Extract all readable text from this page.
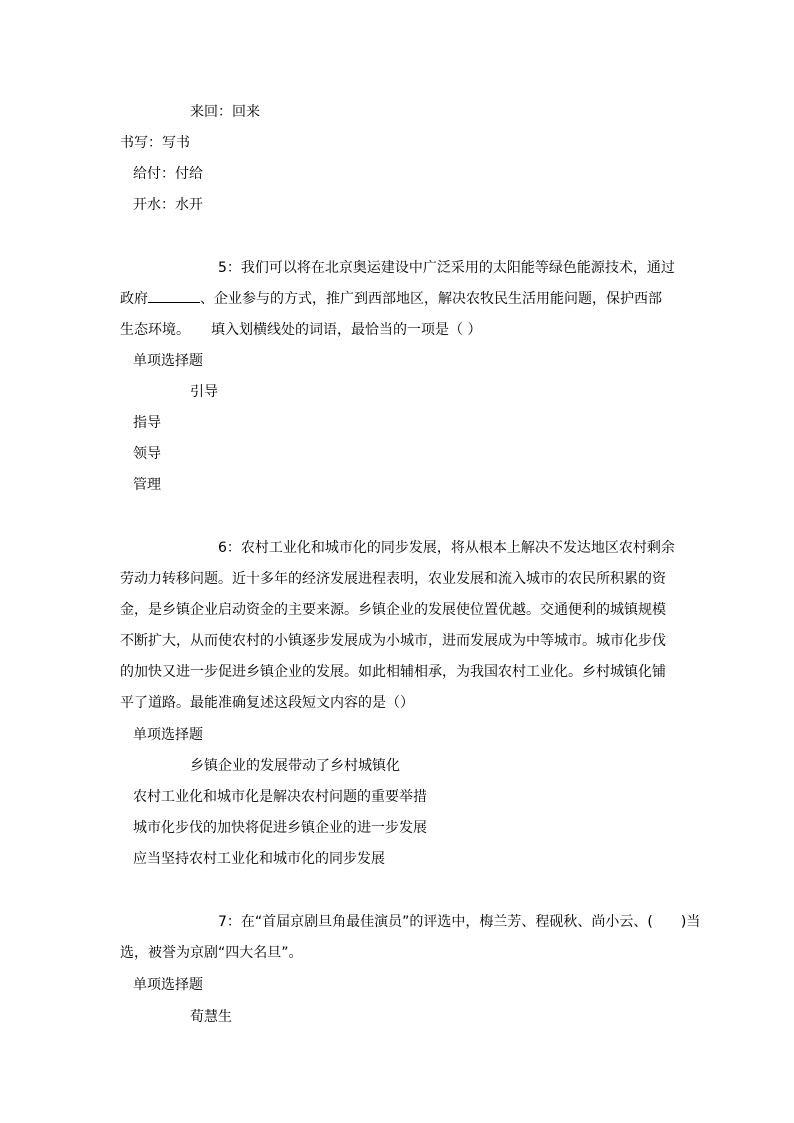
来回：回来
书写：写书
给付：付给
开水：水开
5：我们可以将在北京奥运建设中广泛采用的太阳能等绿色能源技术，通过
政府	、企业参与的方式，推广到西部地区，解决农牧民生活用能问题，保护西部
生态环境。　　填入划横线处的词语，最恰当的一项是（ ）
单项选择题
引导
指导
领导
管理
6：农村工业化和城市化的同步发展，将从根本上解决不发达地区农村剩余
劳动力转移问题。近十多年的经济发展进程表明，农业发展和流入城市的农民所积累的资
金，是乡镇企业启动资金的主要来源。乡镇企业的发展使位置优越。交通便利的城镇规模
不断扩大，从而使农村的小镇逐步发展成为小城市，进而发展成为中等城市。城市化步伐
的加快又进一步促进乡镇企业的发展。如此相辅相承，为我国农村工业化。乡村城镇化铺
平了道路。最能准确复述这段短文内容的是（）
单项选择题
乡镇企业的发展带动了乡村城镇化
农村工业化和城市化是解决农村问题的重要举措
城市化步伐的加快将促进乡镇企业的进一步发展
应当坚持农村工业化和城市化的同步发展
7：在“首届京剧旦角最佳演员”的评选中，梅兰芳、程砚秋、尚小云、(　　)当
选，被誉为京剧“四大名旦”。
单项选择题
荀慧生
